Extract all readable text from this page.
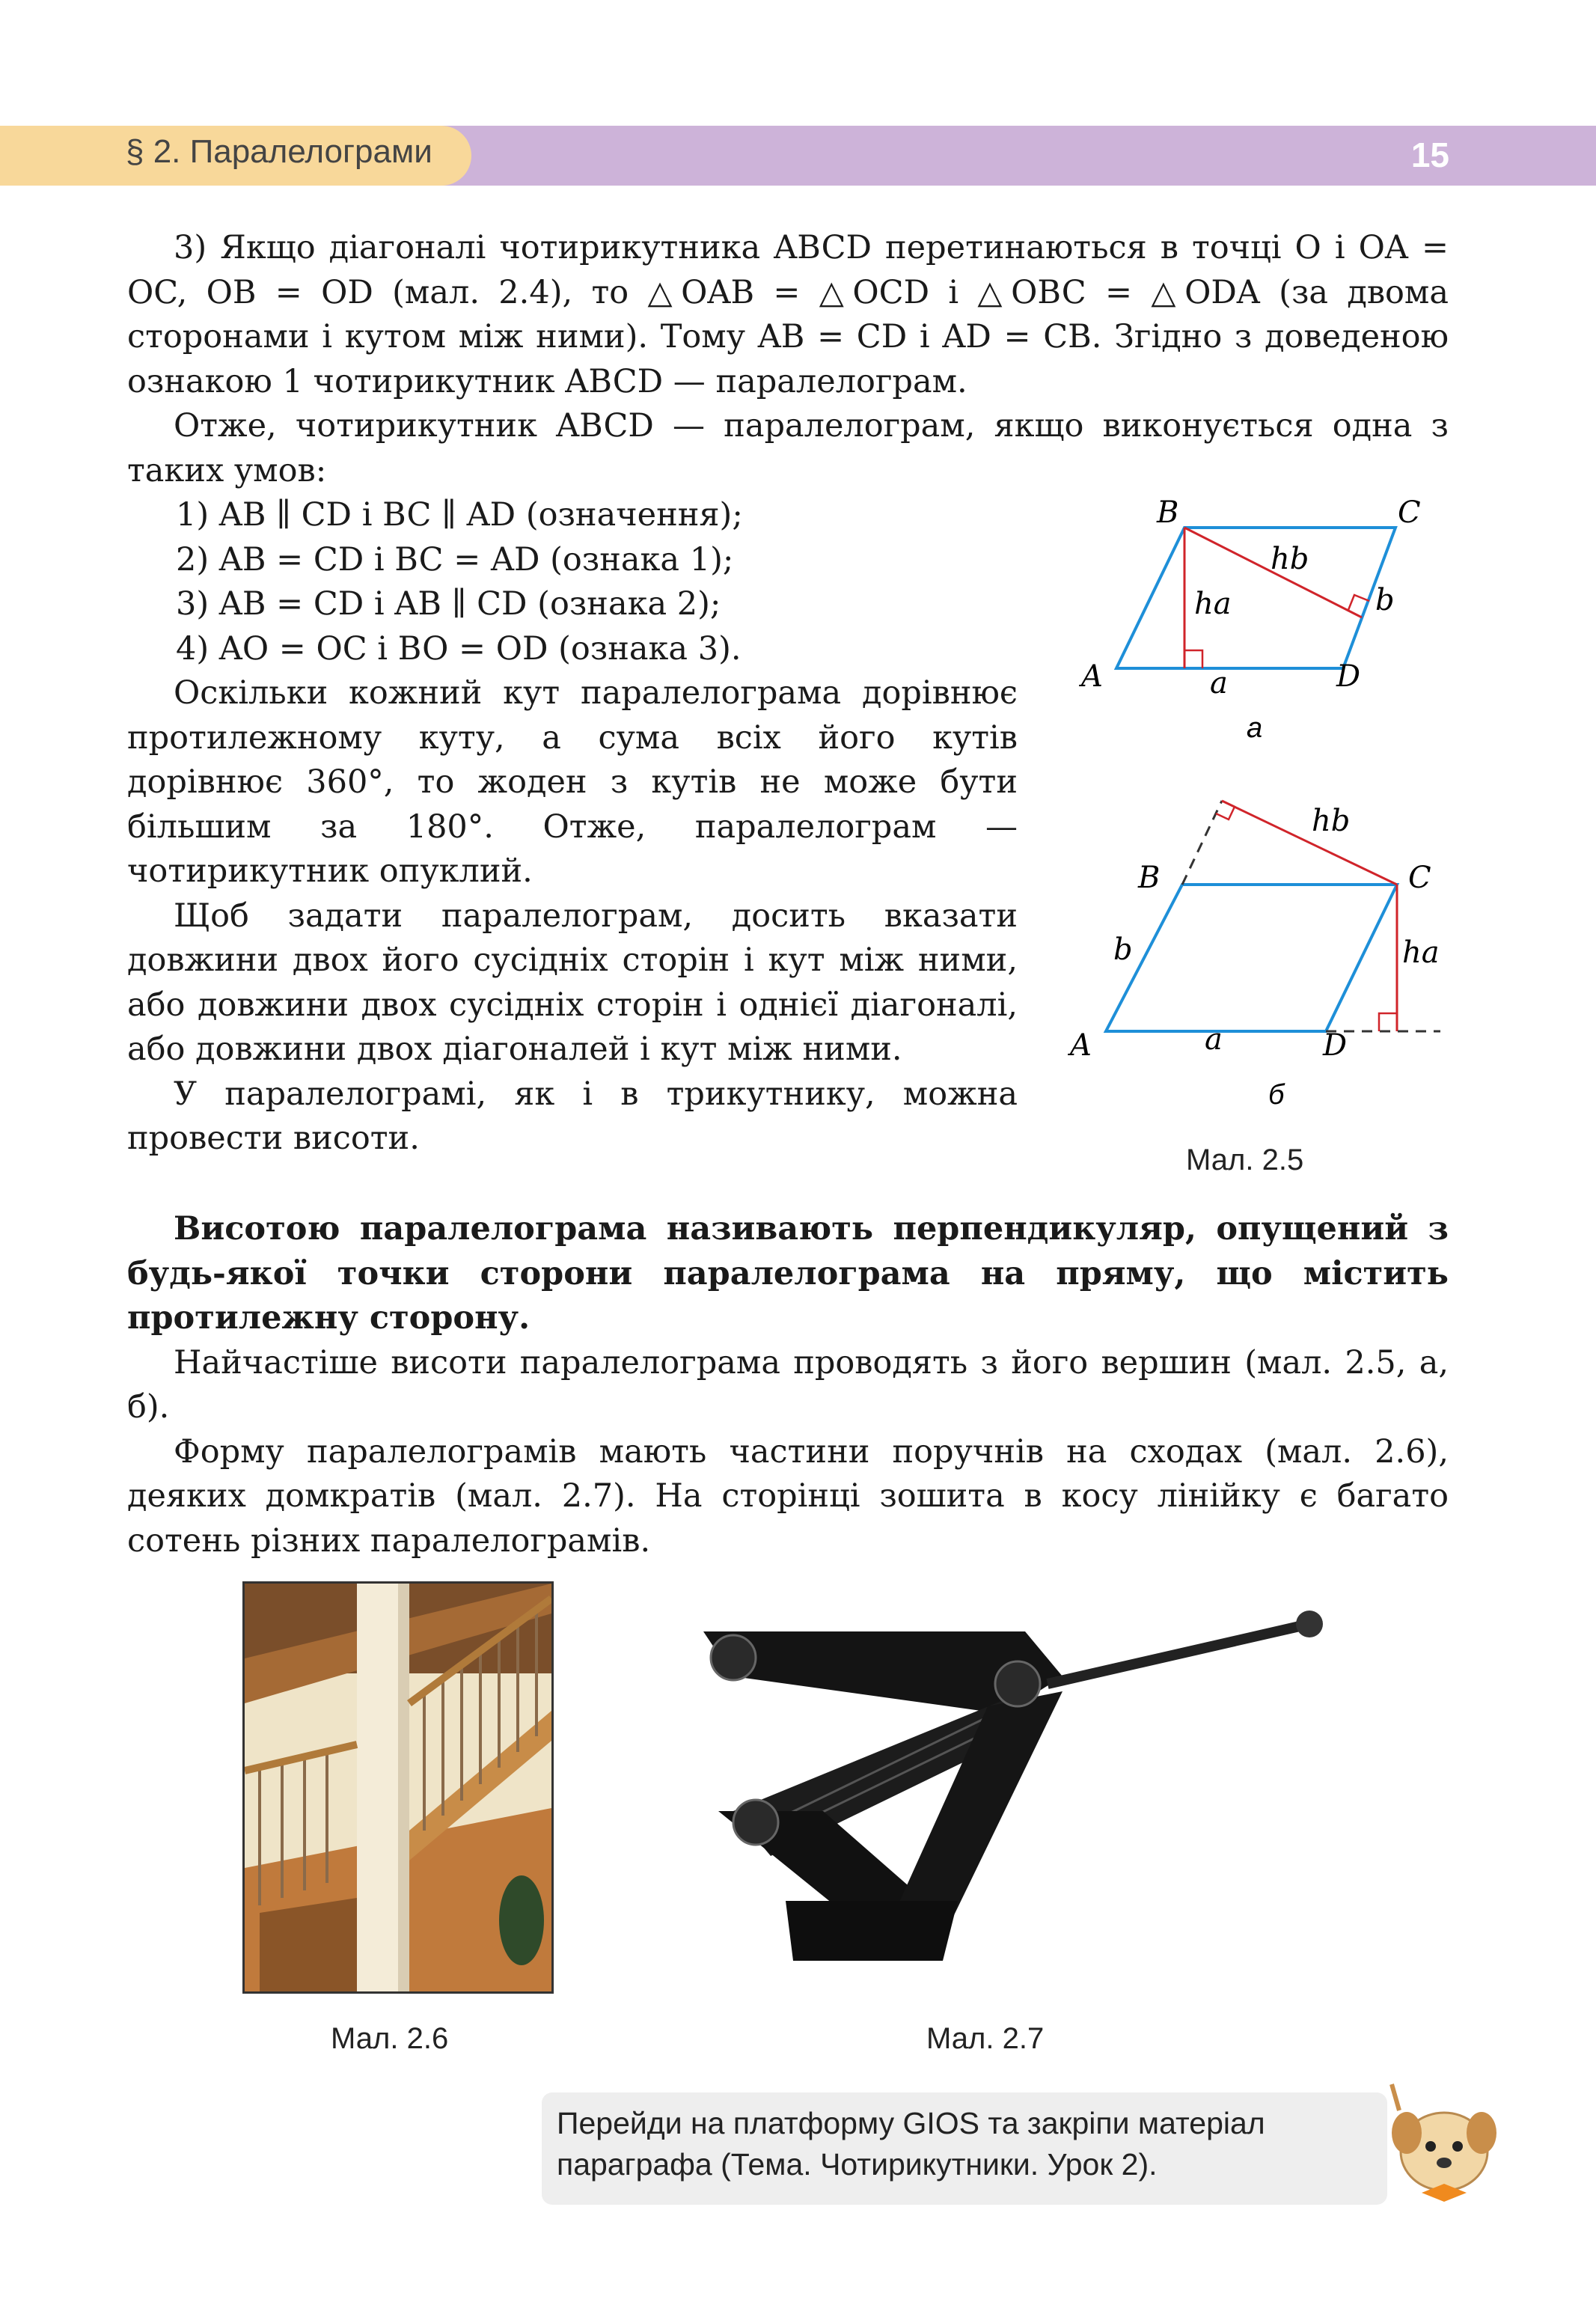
§ 2. Паралелограми	15

3) Якщо діагоналі чотирикутника ABCD перетинаються в точці O і OA = OC, OB = OD (мал. 2.4), то △OAB = △OCD і △OBC = △ODA (за двома сторонами і кутом між ними). Тому AB = CD і AD = CB. Згідно з доведеною ознакою 1 чотирикутник ABCD — паралелограм.

Отже, чотирикутник ABCD — паралелограм, якщо виконується одна з таких умов:

1) AB ∥ CD і BC ∥ AD (означення);
2) AB = CD і BC = AD (ознака 1);
3) AB = CD і AB ∥ CD (ознака 2);
4) AO = OC і BO = OD (ознака 3).

Оскільки кожний кут паралелограма дорівнює протилежному куту, а сума всіх його кутів дорівнює 360°, то жоден з кутів не може бути більшим за 180°. Отже, паралелограм — чотирикутник опуклий.

Щоб задати паралелограм, досить вказати довжини двох його сусідніх сторін і кут між ними, або довжини двох сусідніх сторін і однієї діагоналі, або довжини двох діагоналей і кут між ними.

У паралелограмі, як і в трикутнику, можна провести висоти.

Висотою паралелограма називають перпендикуляр, опущений з будь-якої точки сторони паралелограма на пряму, що містить протилежну сторону.

Найчастіше висоти паралелограма проводять з його вершин (мал. 2.5, а, б).

Форму паралелограмів мають частини поручнів на сходах (мал. 2.6), деяких домкратів (мал. 2.7). На сторінці зошита в косу лінійку є багато сотень різних паралелограмів.

B	C
A	D
a
b
hb
ha
а
B	C
A	D
a
b
hb
ha
б
Мал. 2.5
Мал. 2.6	Мал. 2.7
Перейди на платформу GIOS та закріпи матеріал параграфа (Тема. Чотирикутники. Урок 2).
